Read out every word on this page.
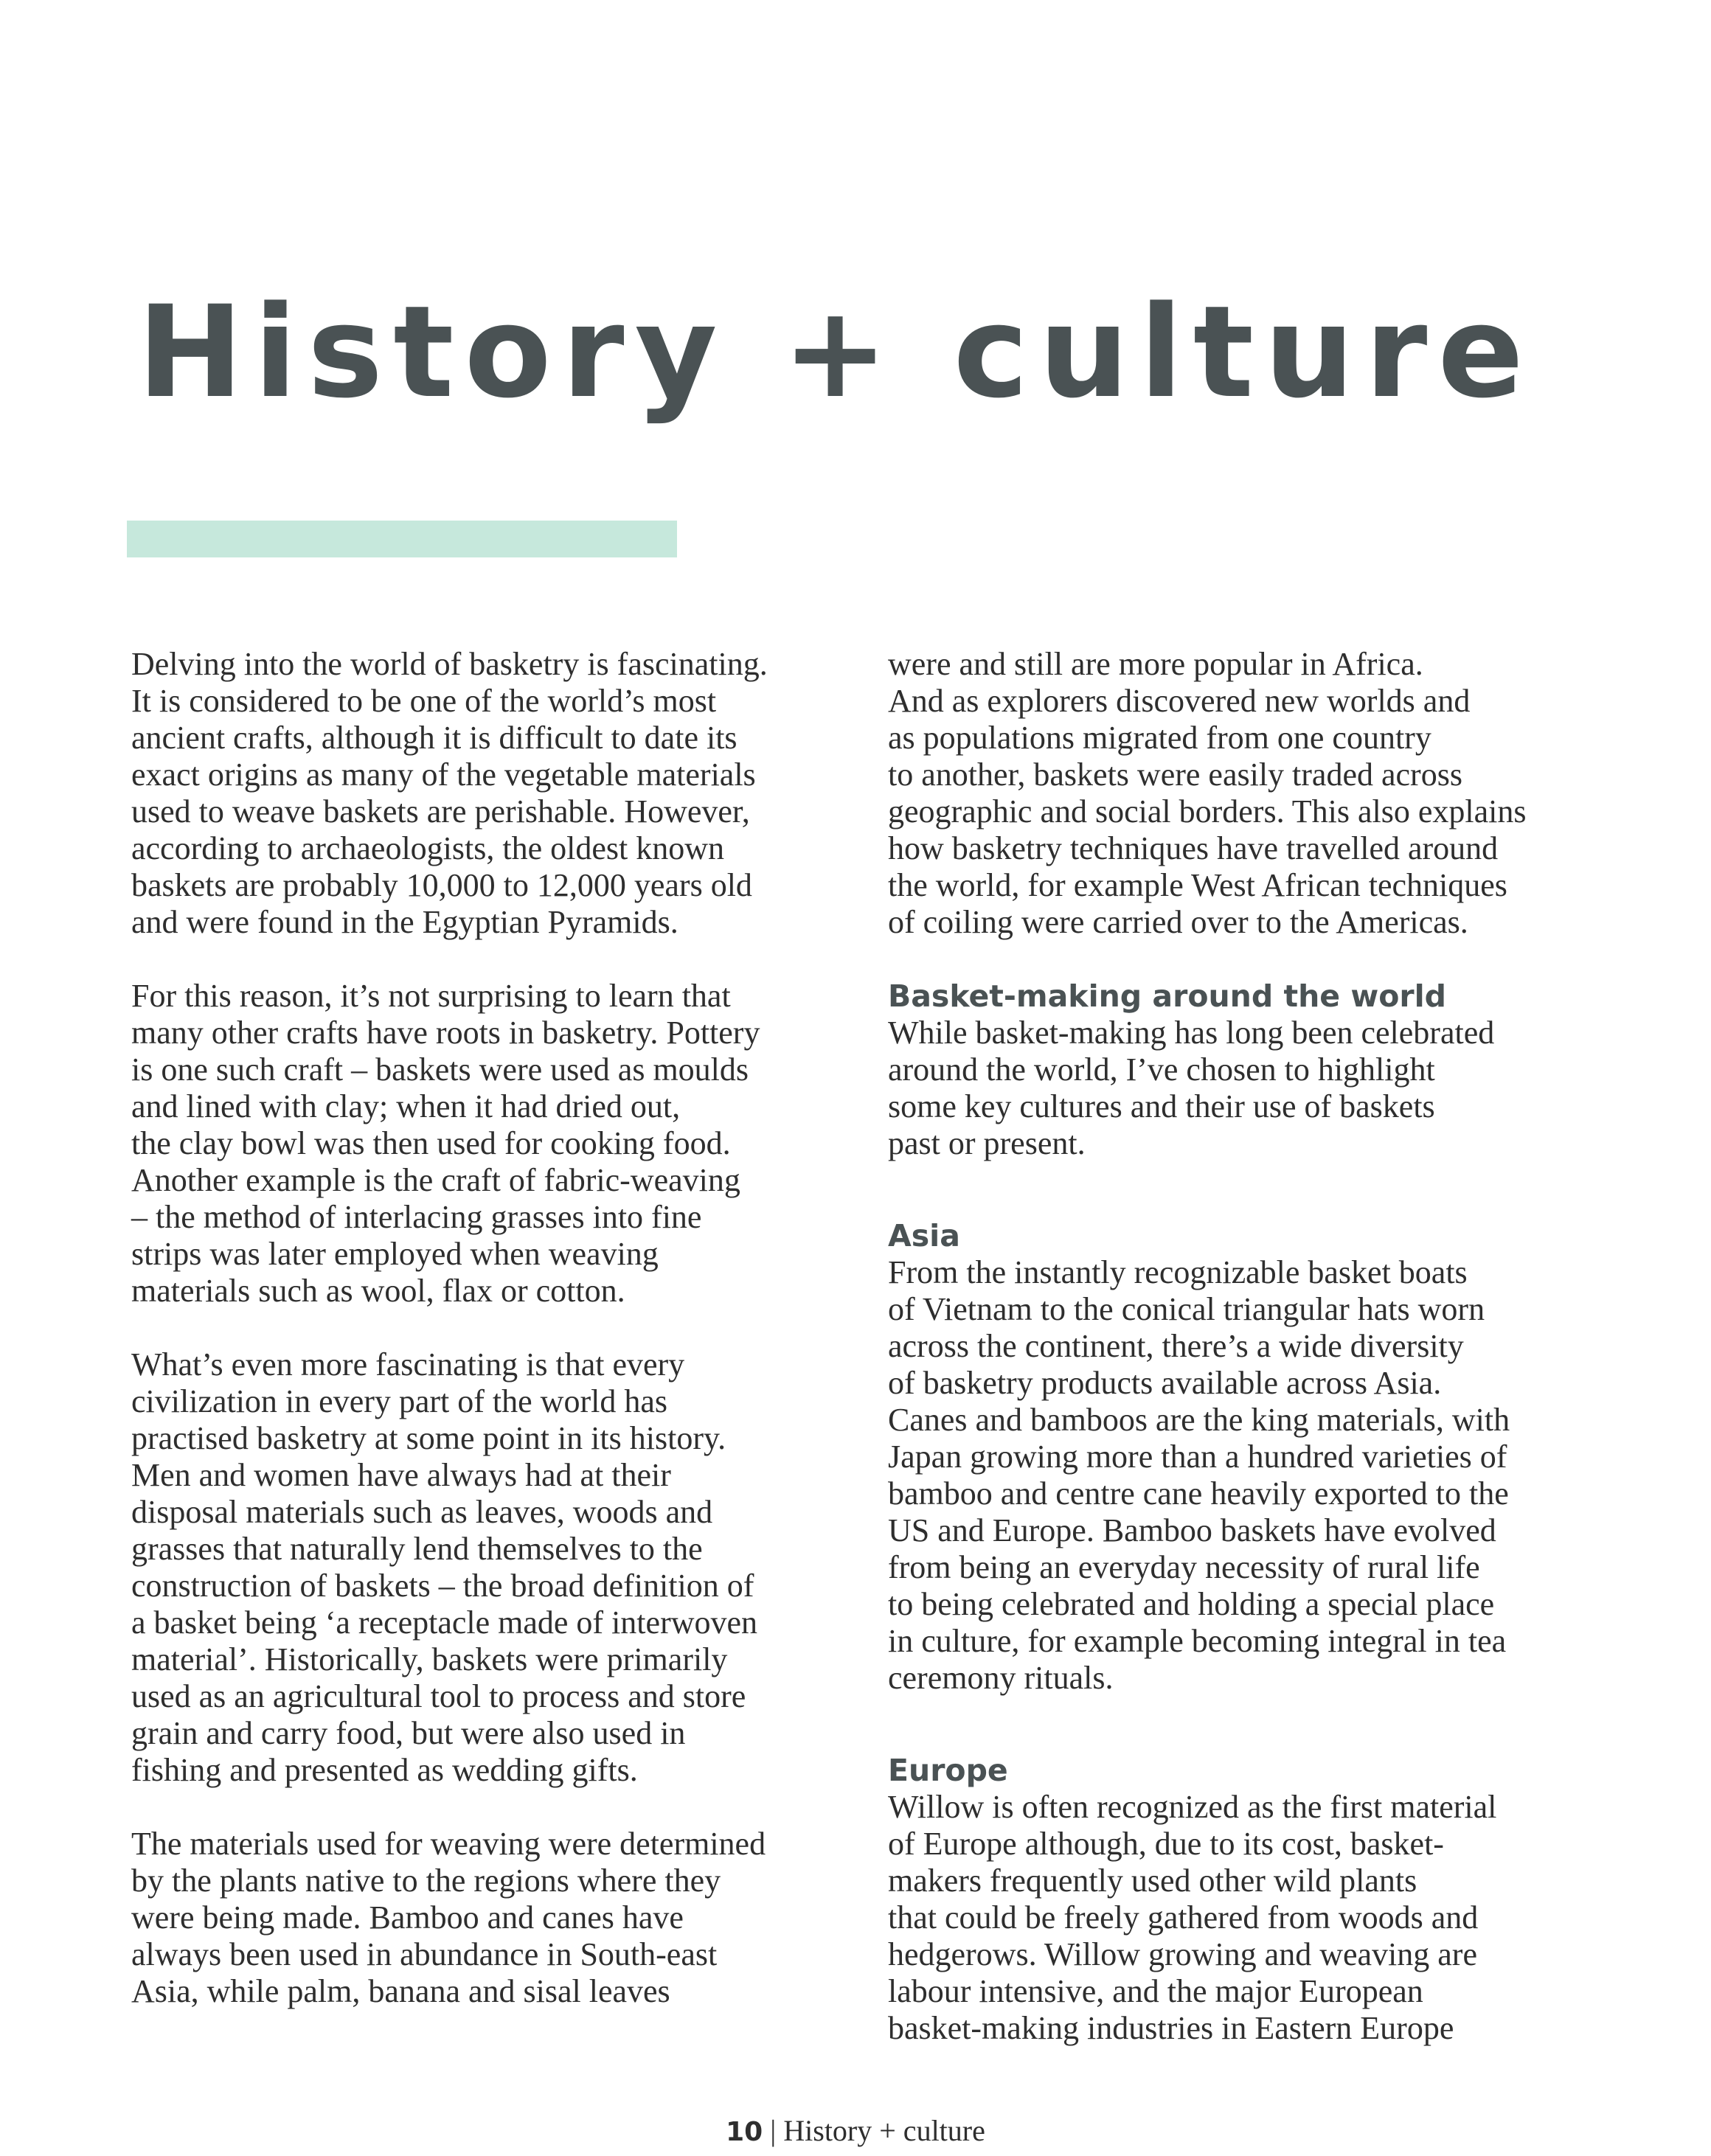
History + culture

Delving into the world of basketry is fascinating.
It is considered to be one of the world’s most
ancient crafts, although it is difficult to date its
exact origins as many of the vegetable materials
used to weave baskets are perishable. However,
according to archaeologists, the oldest known
baskets are probably 10,000 to 12,000 years old
and were found in the Egyptian Pyramids.

For this reason, it’s not surprising to learn that
many other crafts have roots in basketry. Pottery
is one such craft – baskets were used as moulds
and lined with clay; when it had dried out,
the clay bowl was then used for cooking food.
Another example is the craft of fabric-weaving
– the method of interlacing grasses into fine
strips was later employed when weaving
materials such as wool, flax or cotton.

What’s even more fascinating is that every
civilization in every part of the world has
practised basketry at some point in its history.
Men and women have always had at their
disposal materials such as leaves, woods and
grasses that naturally lend themselves to the
construction of baskets – the broad definition of
a basket being ‘a receptacle made of interwoven
material’. Historically, baskets were primarily
used as an agricultural tool to process and store
grain and carry food, but were also used in
fishing and presented as wedding gifts.

The materials used for weaving were determined
by the plants native to the regions where they
were being made. Bamboo and canes have
always been used in abundance in South-east
Asia, while palm, banana and sisal leaves

were and still are more popular in Africa.
And as explorers discovered new worlds and
as populations migrated from one country
to another, baskets were easily traded across
geographic and social borders. This also explains
how basketry techniques have travelled around
the world, for example West African techniques
of coiling were carried over to the Americas.

Basket-making around the world

While basket-making has long been celebrated
around the world, I’ve chosen to highlight
some key cultures and their use of baskets
past or present.

Asia

From the instantly recognizable basket boats
of Vietnam to the conical triangular hats worn
across the continent, there’s a wide diversity
of basketry products available across Asia.
Canes and bamboos are the king materials, with
Japan growing more than a hundred varieties of
bamboo and centre cane heavily exported to the
US and Europe. Bamboo baskets have evolved
from being an everyday necessity of rural life
to being celebrated and holding a special place
in culture, for example becoming integral in tea
ceremony rituals.

Europe

Willow is often recognized as the first material
of Europe although, due to its cost, basket-
makers frequently used other wild plants
that could be freely gathered from woods and
hedgerows. Willow growing and weaving are
labour intensive, and the major European
basket-making industries in Eastern Europe

10 | History + culture
